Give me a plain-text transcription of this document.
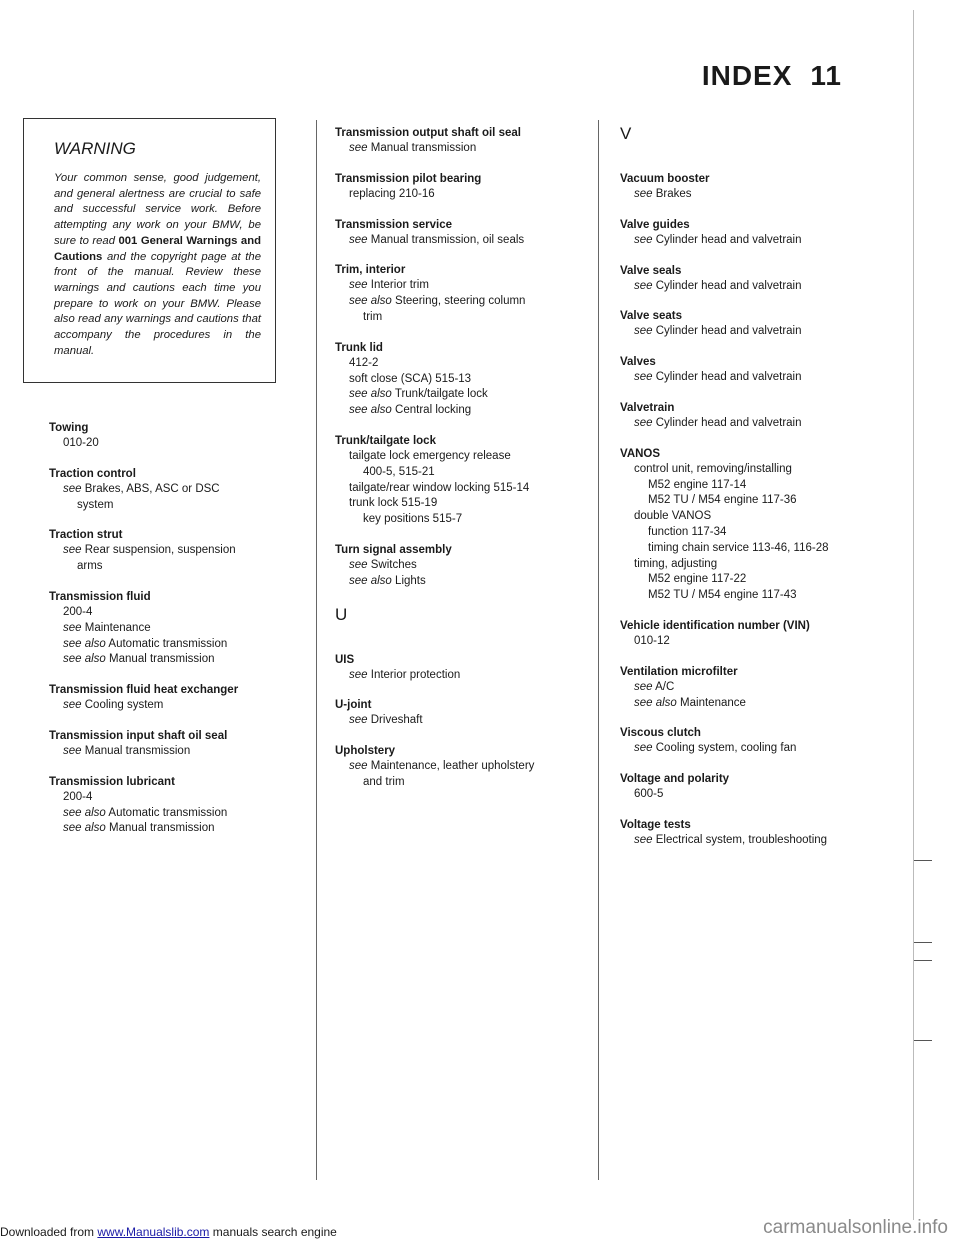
INDEX 11
WARNING
Your common sense, good judgement, and general alertness are crucial to safe and successful service work. Before attempting any work on your BMW, be sure to read 001 General Warnings and Cautions and the copyright page at the front of the manual. Review these warnings and cautions each time you prepare to work on your BMW. Please also read any warnings and cautions that accompany the procedures in the manual.
Towing
010-20
Traction control
see Brakes, ABS, ASC or DSC
system
Traction strut
see Rear suspension, suspension
arms
Transmission fluid
200-4
see Maintenance
see also Automatic transmission
see also Manual transmission
Transmission fluid heat exchanger
see Cooling system
Transmission input shaft oil seal
see Manual transmission
Transmission lubricant
200-4
see also Automatic transmission
see also Manual transmission
Transmission output shaft oil seal
see Manual transmission
Transmission pilot bearing
replacing 210-16
Transmission service
see Manual transmission, oil seals
Trim, interior
see Interior trim
see also Steering, steering column
trim
Trunk lid
412-2
soft close (SCA) 515-13
see also Trunk/tailgate lock
see also Central locking
Trunk/tailgate lock
tailgate lock emergency release
400-5, 515-21
tailgate/rear window locking 515-14
trunk lock 515-19
key positions 515-7
Turn signal assembly
see Switches
see also Lights
U
UIS
see Interior protection
U-joint
see Driveshaft
Upholstery
see Maintenance, leather upholstery
and trim
V
Vacuum booster
see Brakes
Valve guides
see Cylinder head and valvetrain
Valve seals
see Cylinder head and valvetrain
Valve seats
see Cylinder head and valvetrain
Valves
see Cylinder head and valvetrain
Valvetrain
see Cylinder head and valvetrain
VANOS
control unit, removing/installing
M52 engine 117-14
M52 TU / M54 engine 117-36
double VANOS
function 117-34
timing chain service 113-46, 116-28
timing, adjusting
M52 engine 117-22
M52 TU / M54 engine 117-43
Vehicle identification number (VIN)
010-12
Ventilation microfilter
see A/C
see also Maintenance
Viscous clutch
see Cooling system, cooling fan
Voltage and polarity
600-5
Voltage tests
see Electrical system, troubleshooting
Downloaded from www.Manualslib.com manuals search engine	carmanualsonline.info
